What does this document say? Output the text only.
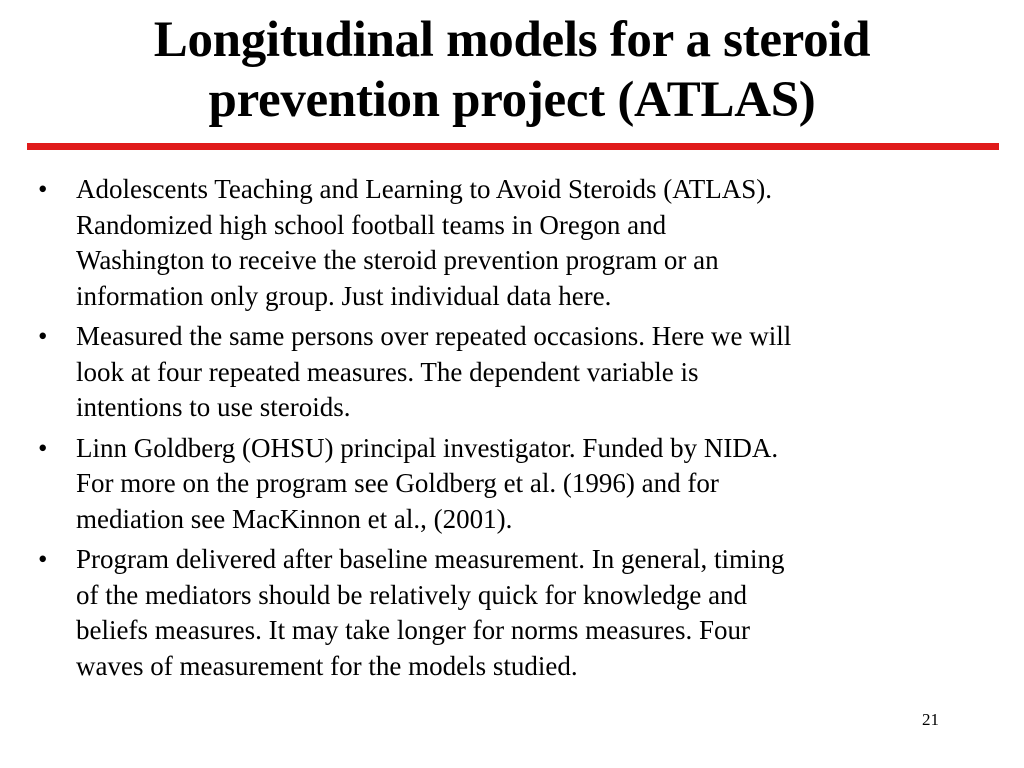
Longitudinal models for a steroid
prevention project (ATLAS)
• Adolescents Teaching and Learning to Avoid Steroids (ATLAS).
Randomized high school football teams in Oregon and
Washington to receive the steroid prevention program or an
information only group. Just individual data here.
• Measured the same persons over repeated occasions. Here we will
look at four repeated measures. The dependent variable is
intentions to use steroids.
• Linn Goldberg (OHSU) principal investigator. Funded by NIDA.
For more on the program see Goldberg et al. (1996) and for
mediation see MacKinnon et al., (2001).
• Program delivered after baseline measurement. In general, timing
of the mediators should be relatively quick for knowledge and
beliefs measures. It may take longer for norms measures. Four
waves of measurement for the models studied.
21
